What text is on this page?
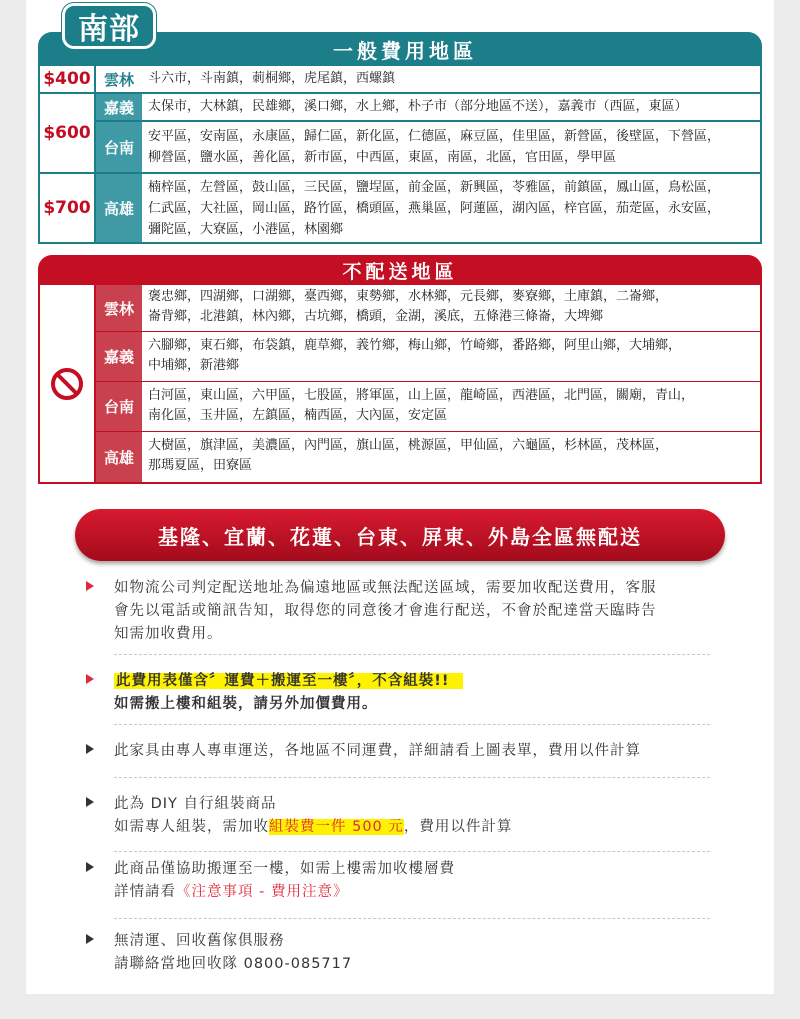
南部
一般費用地區
$400 雲林	斗六市，斗南鎮，莿桐鄉，虎尾鎮，西螺鎮
$600
嘉義	太保市，大林鎮，民雄鄉，溪口鄉，水上鄉，朴子市（部分地區不送），嘉義市（西區，東區）
台南
安平區，安南區，永康區，歸仁區，新化區，仁德區，麻豆區，佳里區，新營區，後壁區，下營區，
柳營區，鹽水區，善化區，新市區，中西區，東區，南區，北區，官田區，學甲區
$700 高雄
楠梓區，左營區，鼓山區，三民區，鹽埕區，前金區，新興區，苓雅區，前鎮區，鳳山區，鳥松區，
仁武區，大社區，岡山區，路竹區，橋頭區，燕巢區，阿蓮區，湖內區，梓官區，茄萣區，永安區，
彌陀區，大寮區，小港區，林園鄉
不配送地區
雲林
褒忠鄉，四湖鄉，口湖鄉，臺西鄉，東勢鄉，水林鄉，元長鄉，麥寮鄉，土庫鎮，二崙鄉，
崙背鄉，北港鎮，林內鄉，古坑鄉，橋頭，金湖，溪底，五條港三條崙，大埤鄉
嘉義
六腳鄉，東石鄉，布袋鎮，鹿草鄉，義竹鄉，梅山鄉，竹崎鄉，番路鄉，阿里山鄉，大埔鄉，
中埔鄉，新港鄉
台南
白河區，東山區，六甲區，七股區，將軍區，山上區，龍崎區，西港區，北門區，關廟，青山，
南化區，玉井區，左鎮區，楠西區，大內區，安定區
高雄
大樹區，旗津區，美濃區，內門區，旗山區，桃源區，甲仙區，六龜區，杉林區，茂林區，
那瑪夏區，田寮區
基隆、宜蘭、花蓮、台東、屏東、外島全區無配送
如物流公司判定配送地址為偏遠地區或無法配送區域，需要加收配送費用，客服
會先以電話或簡訊告知，取得您的同意後才會進行配送，不會於配達當天臨時告
知需加收費用。
此費用表僅含〞運費＋搬運至一樓〞，不含組裝!!
如需搬上樓和組裝，請另外加價費用。
此家具由專人專車運送，各地區不同運費，詳細請看上圖表單，費用以件計算
此為 DIY 自行組裝商品
如需專人組裝，需加收組裝費一件 500 元，費用以件計算
此商品僅協助搬運至一樓，如需上樓需加收樓層費
詳情請看《注意事項 - 費用注意》
無清運、回收舊傢俱服務
請聯絡當地回收隊 0800-085717
